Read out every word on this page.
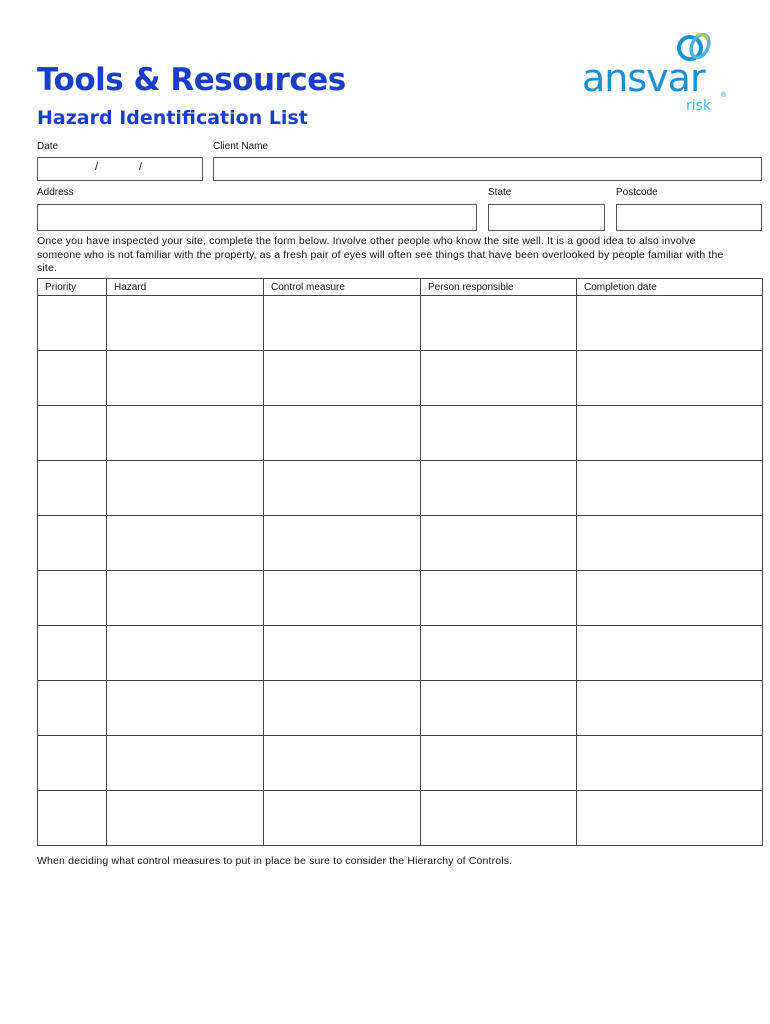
Tools & Resources
Hazard Identification List
ansvar ®
risk
Date
/	/
Client Name
Address	State	Postcode

Once you have inspected your site, complete the form below. Involve other people who know the site well. It is a good idea to also involve someone who is not familiar with the property, as a fresh pair of eyes will often see things that have been overlooked by people familiar with the site.

Priority	Hazard	Control measure	Person responsible	Completion date

When deciding what control measures to put in place be sure to consider the Hierarchy of Controls.
